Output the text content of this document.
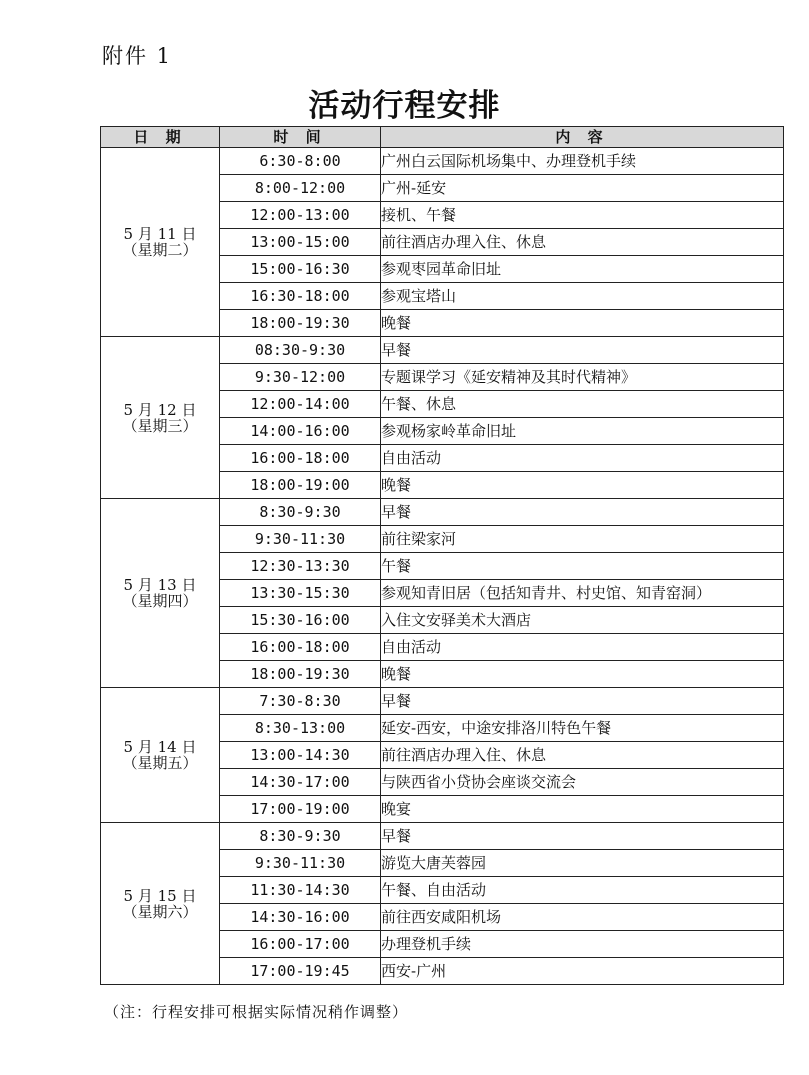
附件 1
活动行程安排
日 期	时 间	内 容

5 月 11 日
（星期二）	6:30-8:00	广州白云国际机场集中、办理登机手续
	8:00-12:00	广州-延安
	12:00-13:00	接机、午餐
	13:00-15:00	前往酒店办理入住、休息
	15:00-16:30	参观枣园革命旧址
	16:30-18:00	参观宝塔山
	18:00-19:30	晚餐

5 月 12 日
（星期三）	08:30-9:30	早餐
	9:30-12:00	专题课学习《延安精神及其时代精神》
	12:00-14:00	午餐、休息
	14:00-16:00	参观杨家岭革命旧址
	16:00-18:00	自由活动
	18:00-19:00	晚餐

5 月 13 日
（星期四）	8:30-9:30	早餐
	9:30-11:30	前往梁家河
	12:30-13:30	午餐
	13:30-15:30	参观知青旧居（包括知青井、村史馆、知青窑洞）
	15:30-16:00	入住文安驿美术大酒店
	16:00-18:00	自由活动
	18:00-19:30	晚餐

5 月 14 日
（星期五）	7:30-8:30	早餐
	8:30-13:00	延安-西安，中途安排洛川特色午餐
	13:00-14:30	前往酒店办理入住、休息
	14:30-17:00	与陕西省小贷协会座谈交流会
	17:00-19:00	晚宴

5 月 15 日
（星期六）	8:30-9:30	早餐
	9:30-11:30	游览大唐芙蓉园
	11:30-14:30	午餐、自由活动
	14:30-16:00	前往西安咸阳机场
	16:00-17:00	办理登机手续
	17:00-19:45	西安-广州
（注：行程安排可根据实际情况稍作调整）
